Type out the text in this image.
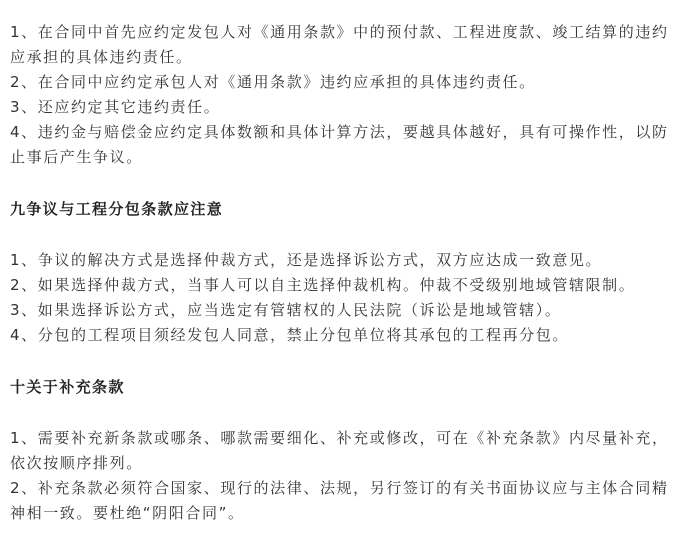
1、在合同中首先应约定发包人对《通用条款》中的预付款、工程进度款、竣工结算的违约应承担的具体违约责任。

2、在合同中应约定承包人对《通用条款》违约应承担的具体违约责任。

3、还应约定其它违约责任。

4、违约金与赔偿金应约定具体数额和具体计算方法，要越具体越好，具有可操作性，以防止事后产生争议。

九争议与工程分包条款应注意

1、争议的解决方式是选择仲裁方式，还是选择诉讼方式，双方应达成一致意见。

2、如果选择仲裁方式，当事人可以自主选择仲裁机构。仲裁不受级别地域管辖限制。

3、如果选择诉讼方式，应当选定有管辖权的人民法院（诉讼是地域管辖）。

4、分包的工程项目须经发包人同意，禁止分包单位将其承包的工程再分包。

十关于补充条款

1、需要补充新条款或哪条、哪款需要细化、补充或修改，可在《补充条款》内尽量补充，依次按顺序排列。

2、补充条款必须符合国家、现行的法律、法规，另行签订的有关书面协议应与主体合同精神相一致。要杜绝“阴阳合同”。
